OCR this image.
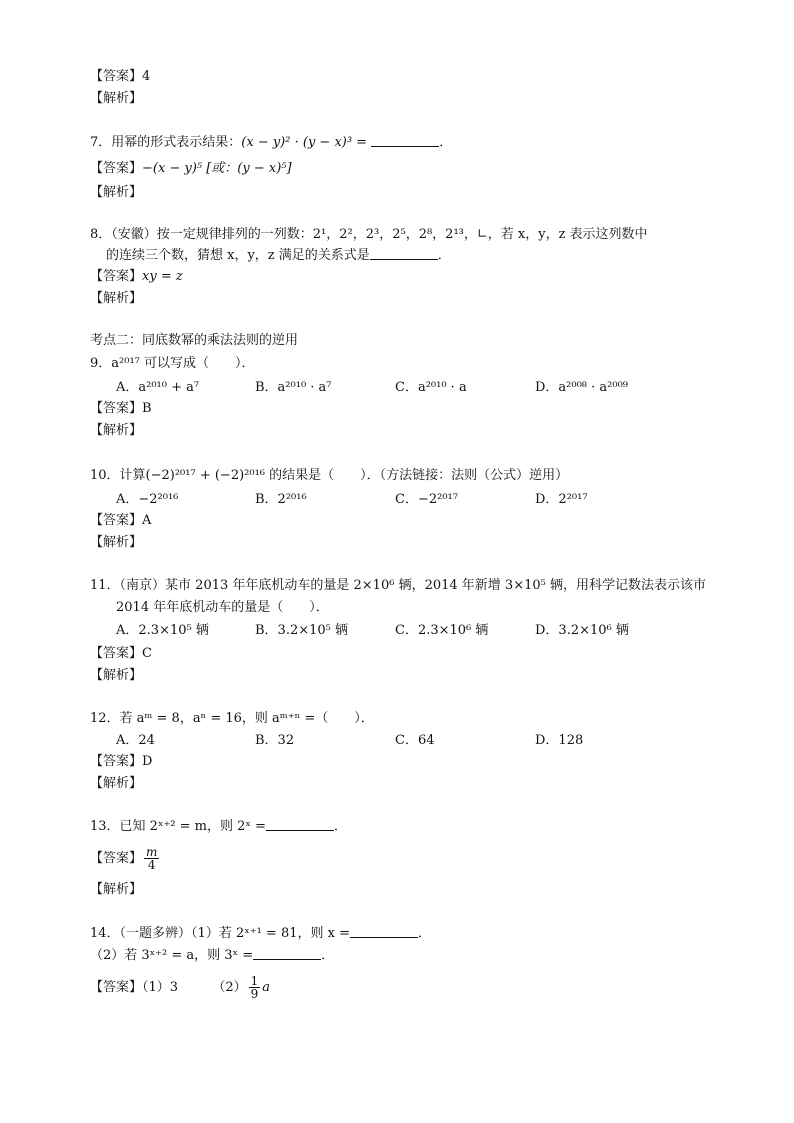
【答案】4
【解析】
7．用幂的形式表示结果：(x − y)² · (y − x)³ =	．
【答案】−(x − y)⁵ [或：(y − x)⁵]
【解析】
8．（安徽）按一定规律排列的一列数：2¹，2²，2³，2⁵，2⁸，2¹³，∟，若 x，y，z 表示这列数中
的连续三个数，猜想 x，y，z 满足的关系式是	．
【答案】xy = z
【解析】
考点二：同底数幂的乘法法则的逆用
9．a²⁰¹⁷ 可以写成（　　）．
A．a²⁰¹⁰ + a⁷	B．a²⁰¹⁰ · a⁷	C．a²⁰¹⁰ · a	D．a²⁰⁰⁸ · a²⁰⁰⁹
【答案】B
【解析】
10．计算(−2)²⁰¹⁷ + (−2)²⁰¹⁶ 的结果是（　　）．（方法链接：法则（公式）逆用）
A．−2²⁰¹⁶	B．2²⁰¹⁶	C．−2²⁰¹⁷	D．2²⁰¹⁷
【答案】A
【解析】
11．（南京）某市 2013 年年底机动车的量是 2×10⁶ 辆，2014 年新增 3×10⁵ 辆，用科学记数法表示该市
2014 年年底机动车的量是（　　）．
A．2.3×10⁵ 辆	B．3.2×10⁵ 辆	C．2.3×10⁶ 辆	D．3.2×10⁶ 辆
【答案】C
【解析】
12．若 aᵐ = 8，aⁿ = 16，则 aᵐ⁺ⁿ =（　　）．
A．24	B．32	C．64	D．128
【答案】D
【解析】
13．已知 2ˣ⁺² = m，则 2ˣ =	．
【答案】 $\frac{m}{4}$
【解析】
14．（一题多辨）（1）若 2ˣ⁺¹ = 81，则 x =	．
（2）若 3ˣ⁺² = a，则 3ˣ =	．
【答案】（1）3	$(2) \frac{1}{9}$ a
